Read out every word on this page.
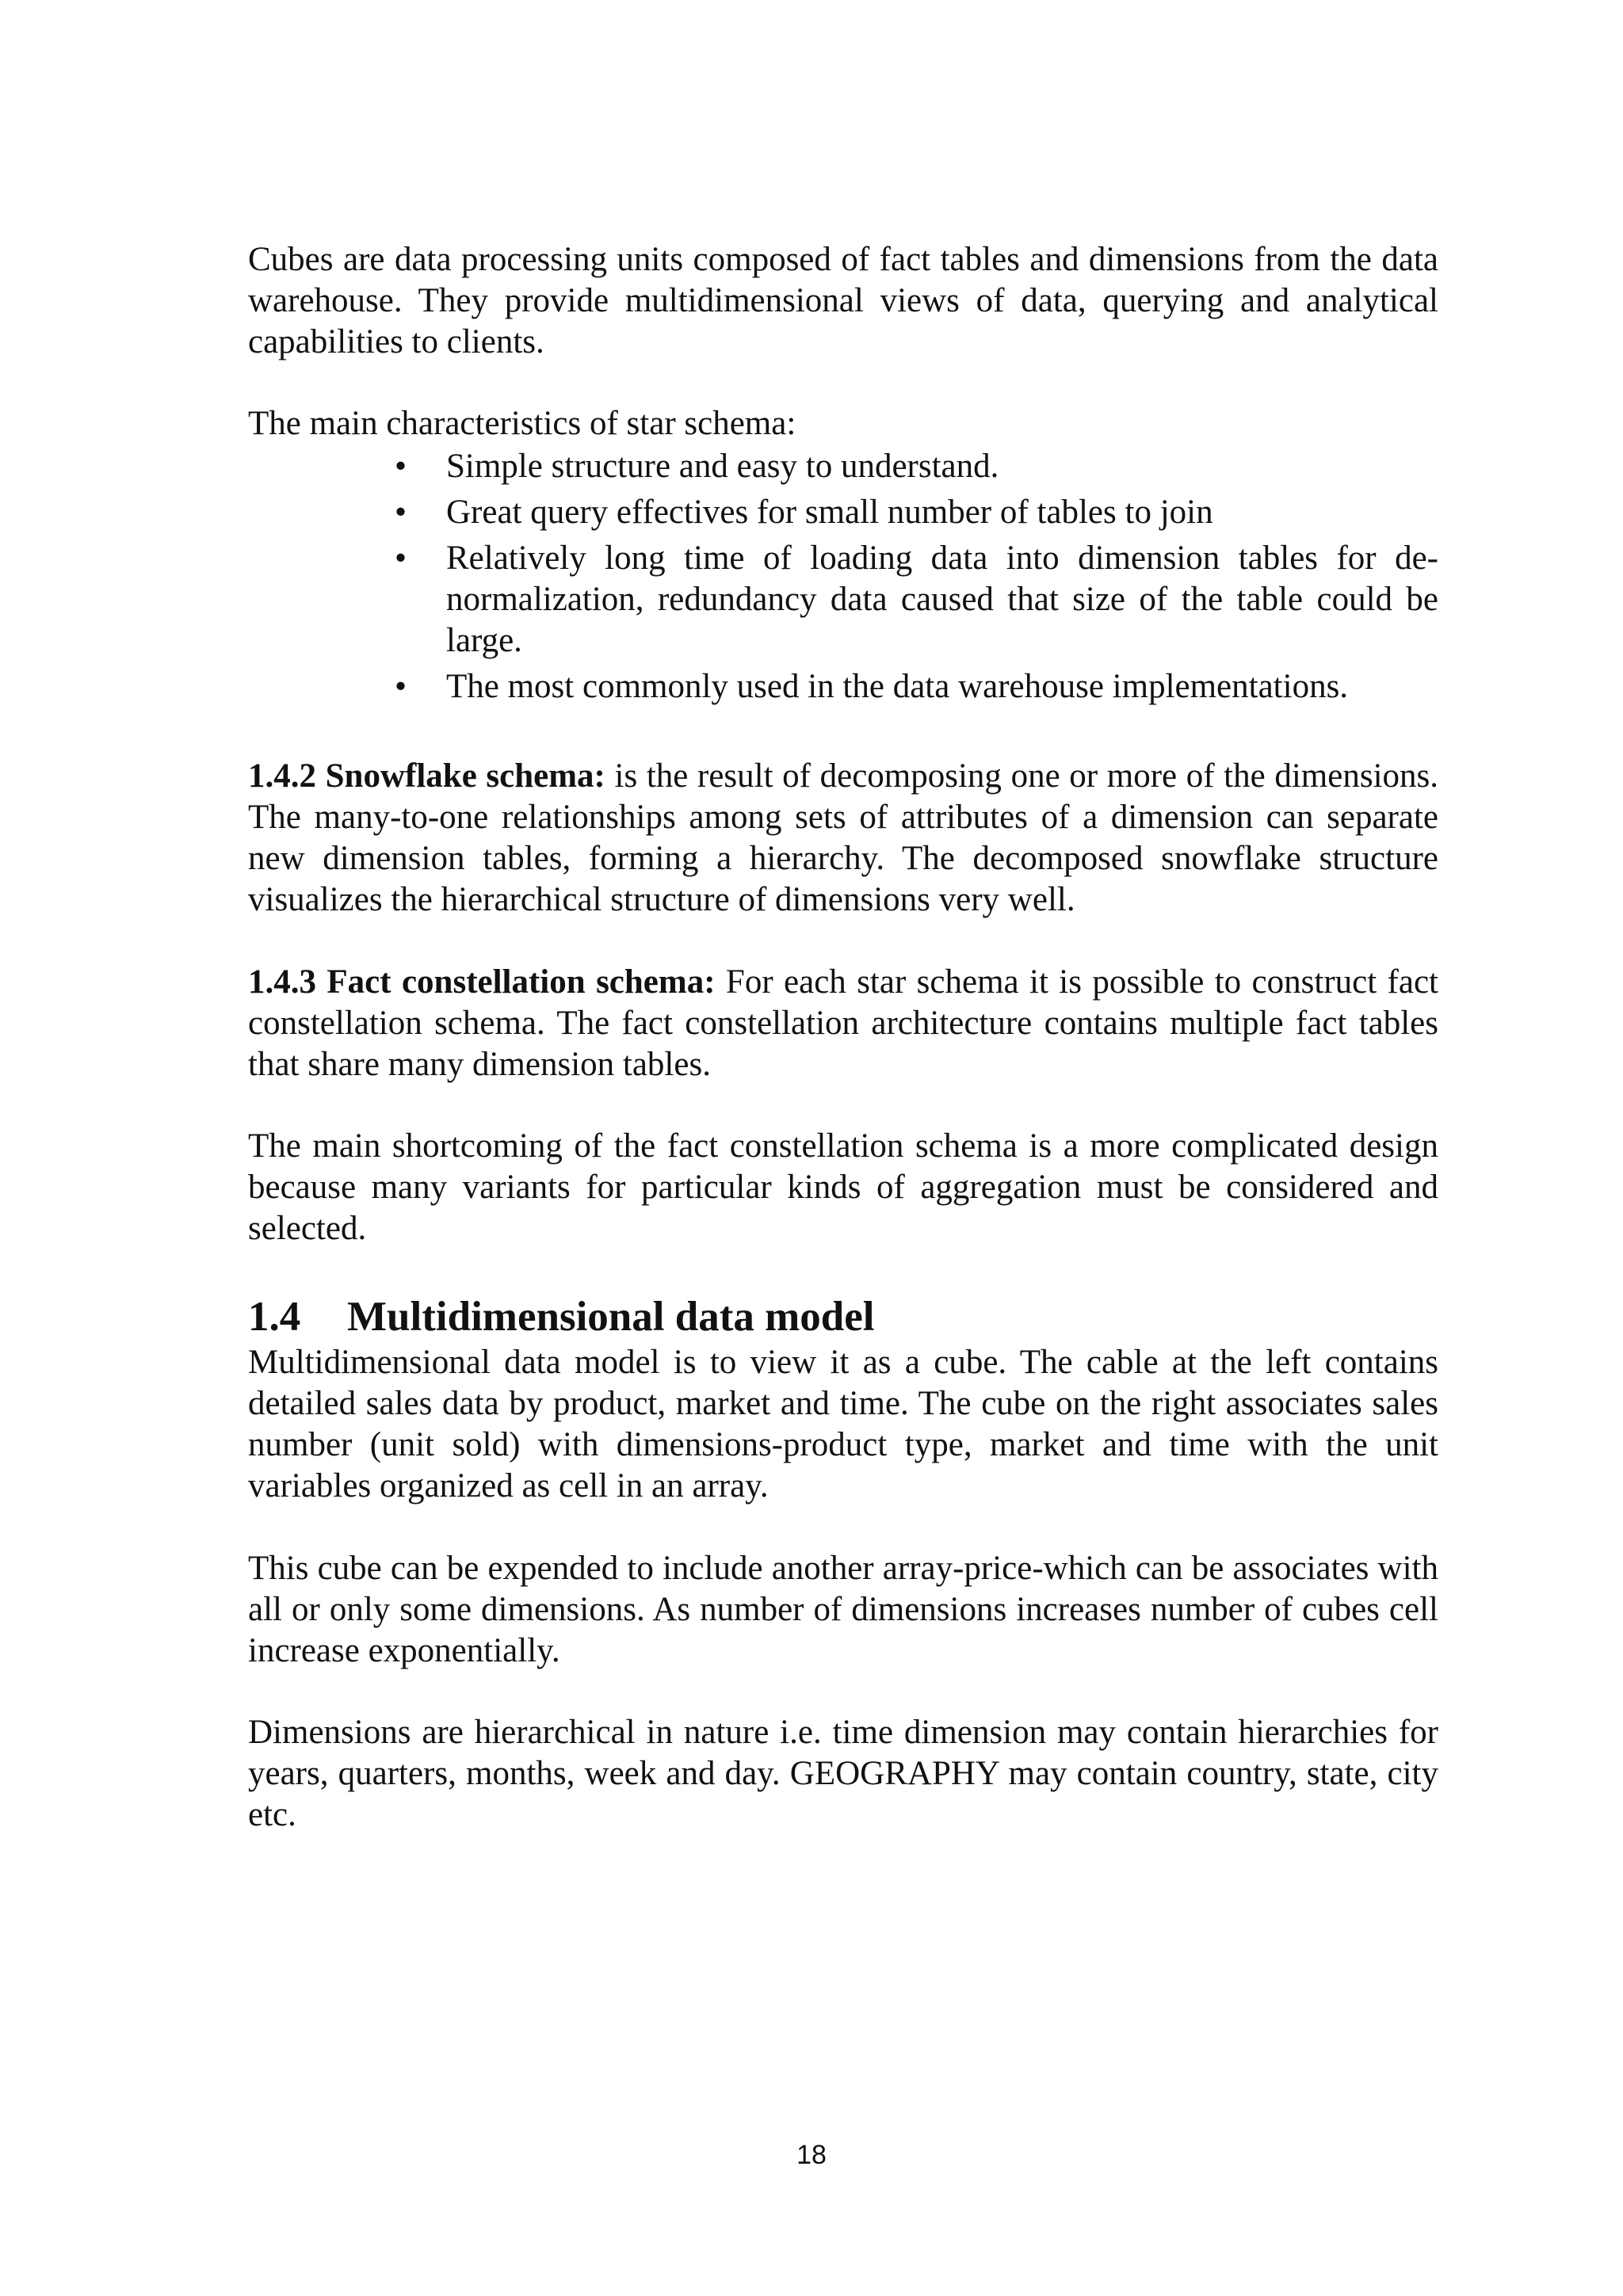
Cubes are data processing units composed of fact tables and dimensions from the data warehouse. They provide multidimensional views of data, querying and analytical capabilities to clients.

The main characteristics of star schema:

• Simple structure and easy to understand.
• Great query effectives for small number of tables to join
• Relatively long time of loading data into dimension tables for de-normalization, redundancy data caused that size of the table could be large.
• The most commonly used in the data warehouse implementations.

1.4.2 Snowflake schema: is the result of decomposing one or more of the dimensions. The many-to-one relationships among sets of attributes of a dimension can separate new dimension tables, forming a hierarchy. The decomposed snowflake structure visualizes the hierarchical structure of dimensions very well.

1.4.3 Fact constellation schema: For each star schema it is possible to construct fact constellation schema. The fact constellation architecture contains multiple fact tables that share many dimension tables.

The main shortcoming of the fact constellation schema is a more complicated design because many variants for particular kinds of aggregation must be considered and selected.

1.4 Multidimensional data model

Multidimensional data model is to view it as a cube. The cable at the left contains detailed sales data by product, market and time. The cube on the right associates sales number (unit sold) with dimensions-product type, market and time with the unit variables organized as cell in an array.

This cube can be expended to include another array-price-which can be associates with all or only some dimensions. As number of dimensions increases number of cubes cell increase exponentially.

Dimensions are hierarchical in nature i.e. time dimension may contain hierarchies for years, quarters, months, week and day. GEOGRAPHY may contain country, state, city etc.

18
